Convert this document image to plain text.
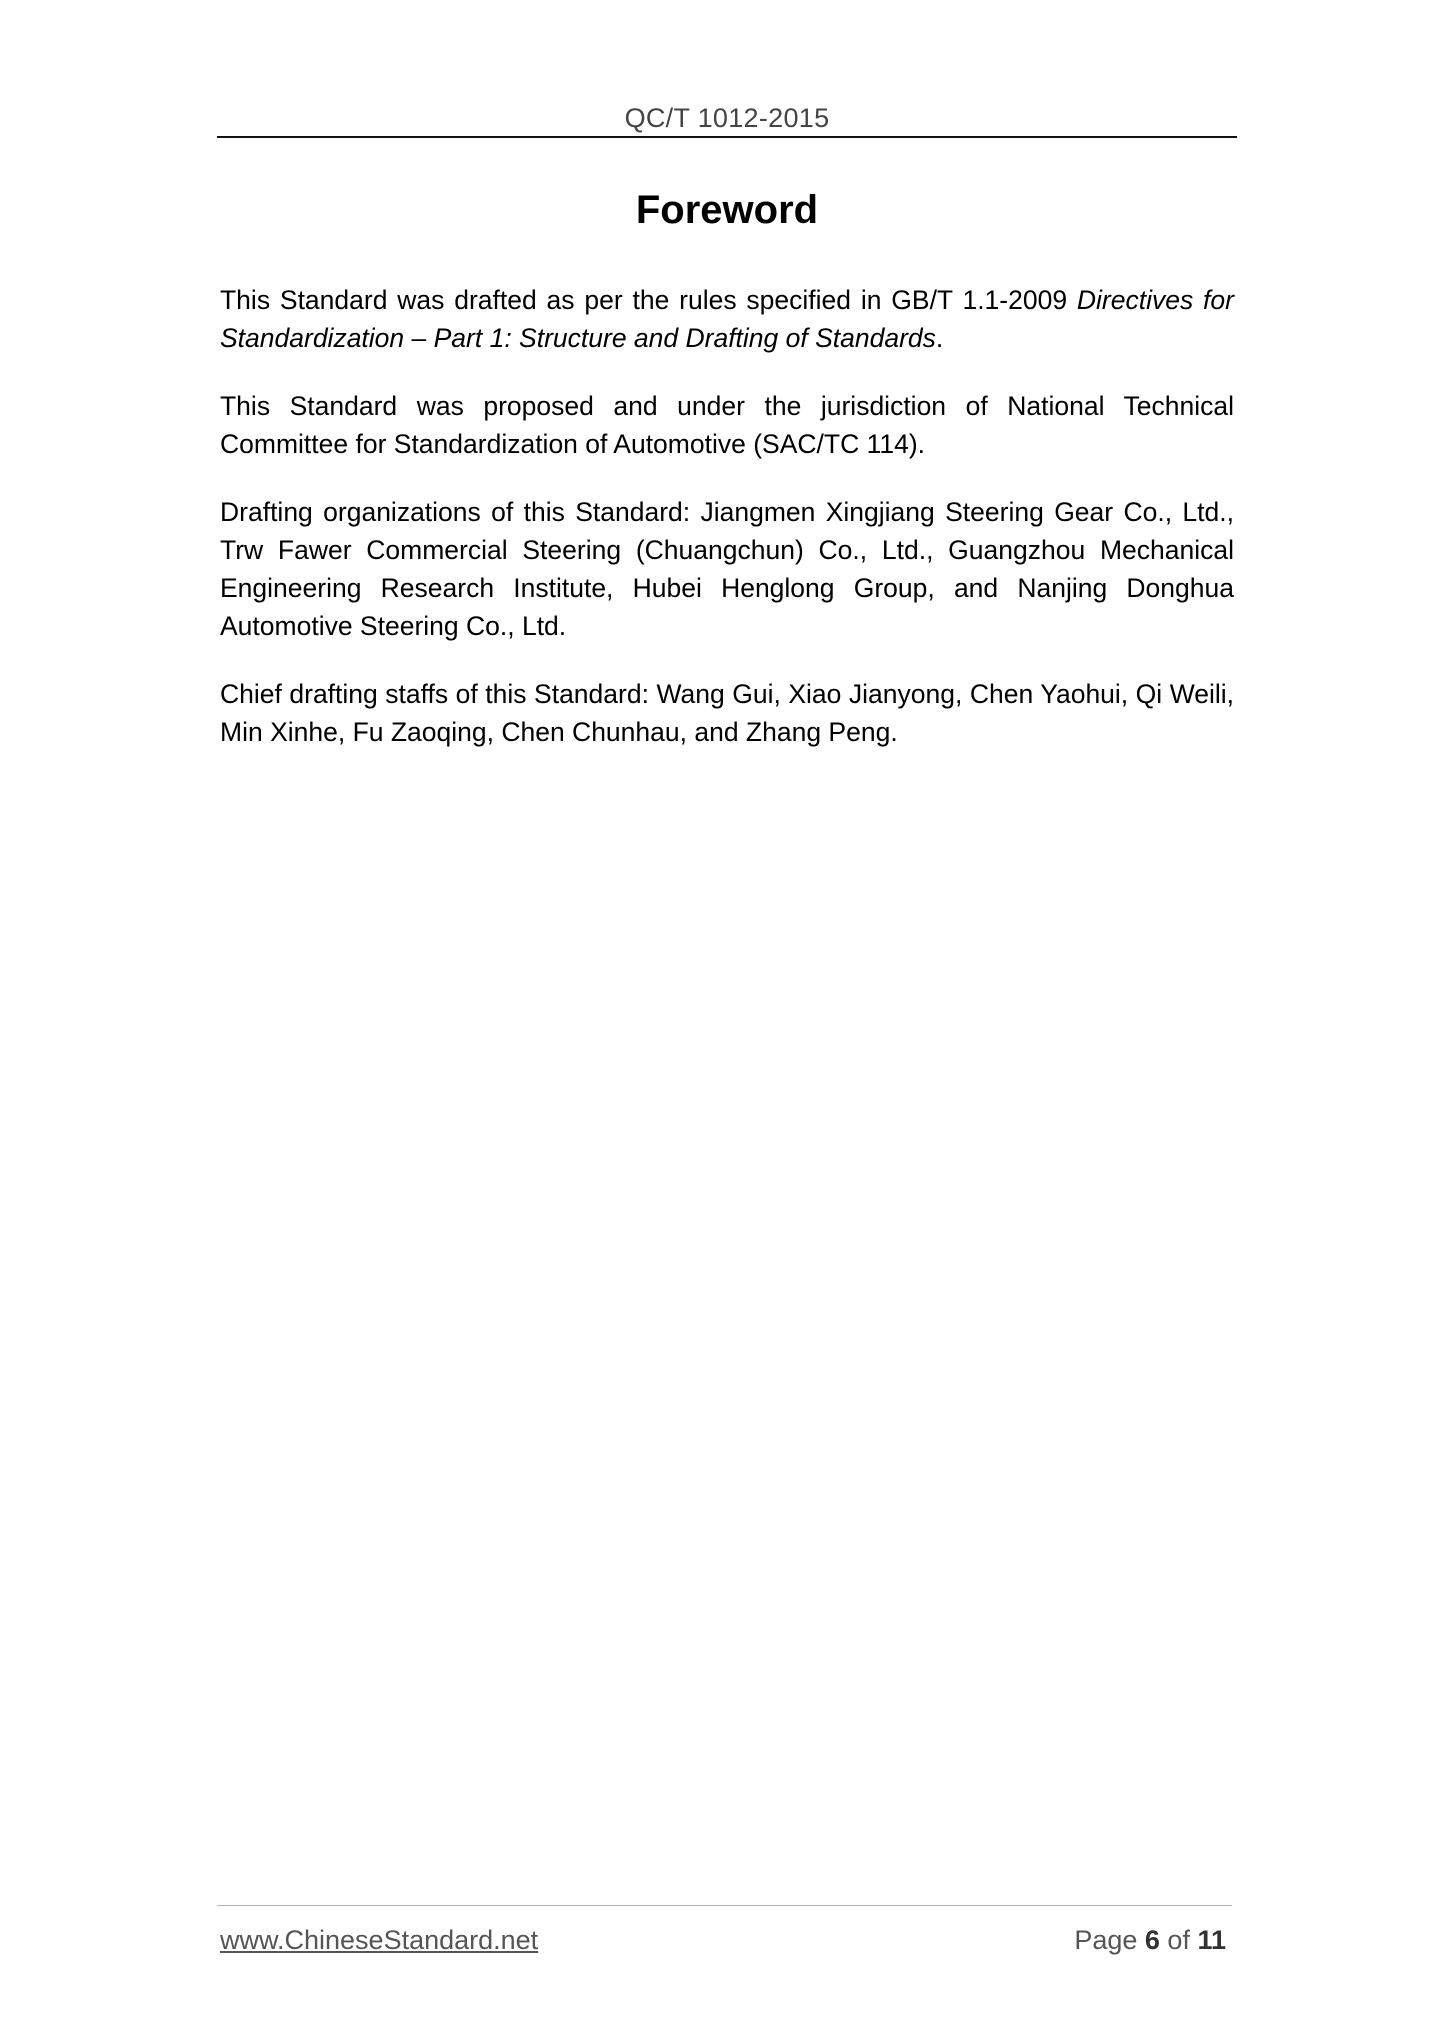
QC/T 1012-2015
Foreword

This Standard was drafted as per the rules specified in GB/T 1.1-2009 Directives for Standardization – Part 1: Structure and Drafting of Standards.

This Standard was proposed and under the jurisdiction of National Technical Committee for Standardization of Automotive (SAC/TC 114).

Drafting organizations of this Standard: Jiangmen Xingjiang Steering Gear Co., Ltd., Trw Fawer Commercial Steering (Chuangchun) Co., Ltd., Guangzhou Mechanical Engineering Research Institute, Hubei Henglong Group, and Nanjing Donghua Automotive Steering Co., Ltd.

Chief drafting staffs of this Standard: Wang Gui, Xiao Jianyong, Chen Yaohui, Qi Weili, Min Xinhe, Fu Zaoqing, Chen Chunhau, and Zhang Peng.

www.ChineseStandard.net	Page 6 of 11
